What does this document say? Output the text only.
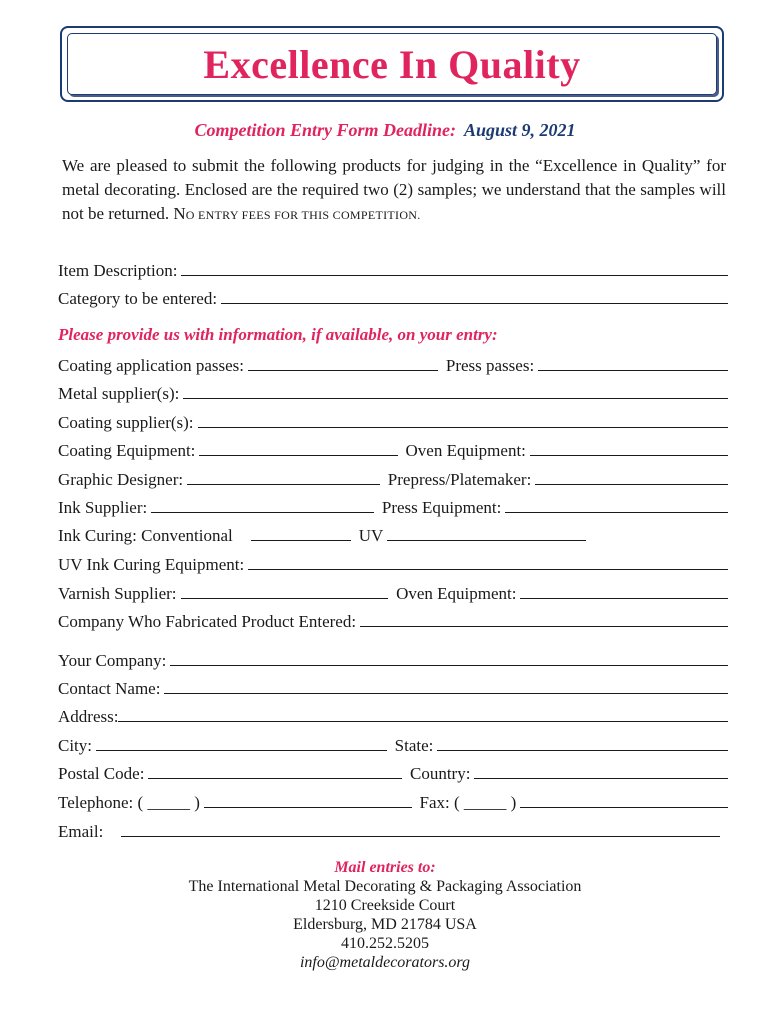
Excellence In Quality
Competition Entry Form Deadline: August 9, 2021
We are pleased to submit the following products for judging in the “Excellence in Quality” for metal decorating. Enclosed are the required two (2) samples; we understand that the samples will not be returned. NO ENTRY FEES FOR THIS COMPETITION.
Item Description:
Category to be entered:
Please provide us with information, if available, on your entry:
Coating application passes:	Press passes:
Metal supplier(s):
Coating supplier(s):
Coating Equipment:	Oven Equipment:
Graphic Designer:	Prepress/Platemaker:
Ink Supplier:	Press Equipment:
Ink Curing: Conventional	UV
UV Ink Curing Equipment:
Varnish Supplier:	Oven Equipment:
Company Who Fabricated Product Entered:
Your Company:
Contact Name:
Address:
City:	State:
Postal Code:	Country:
Telephone: ( _____ )	Fax: ( _____ )
Email:
Mail entries to:
The International Metal Decorating & Packaging Association
1210 Creekside Court
Eldersburg, MD 21784 USA
410.252.5205
info@metaldecorators.org
